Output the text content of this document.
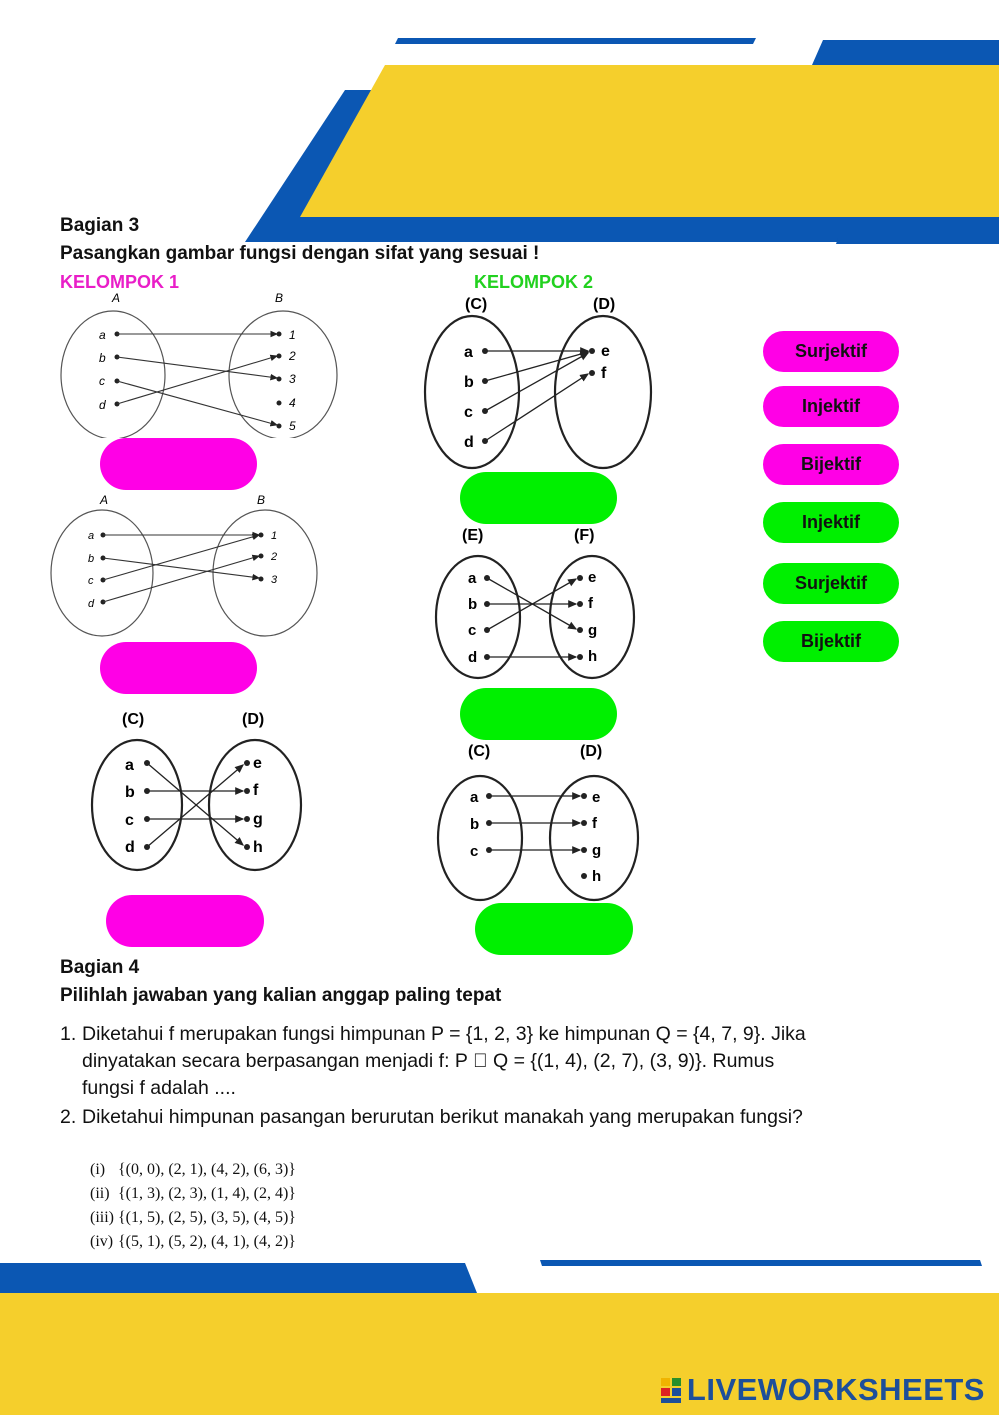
Bagian 3
Pasangkan gambar fungsi dengan sifat yang sesuai !
KELOMPOK 1	KELOMPOK 2
A	B
a
b
c
d
1
2
3
4
5
A	B
a
b
c
d
1
2
3
(C)	(D)
a
b
c
d
e
f
g
h
(C)	(D)
a
b
c
d
e
f
(E)	(F)
a
b
c
d
e
f
g
h
(C)	(D)
a
b
c
e
f
g
h
Surjektif
Injektif
Bijektif
Injektif
Surjektif
Bijektif
Bagian 4
Pilihlah jawaban yang kalian anggap paling tepat
1. Diketahui f merupakan fungsi himpunan P = {1, 2, 3} ke himpunan Q = {4, 7, 9}. Jika dinyatakan secara berpasangan menjadi f: P   Q = {(1, 4), (2, 7), (3, 9)}. Rumus fungsi f adalah ....
2. Diketahui himpunan pasangan berurutan berikut manakah yang merupakan fungsi?
(i) {(0, 0), (2, 1), (4, 2), (6, 3)}
(ii) {(1, 3), (2, 3), (1, 4), (2, 4)}
(iii) {(1, 5), (2, 5), (3, 5), (4, 5)}
(iv) {(5, 1), (5, 2), (4, 1), (4, 2)}
LIVEWORKSHEETS
